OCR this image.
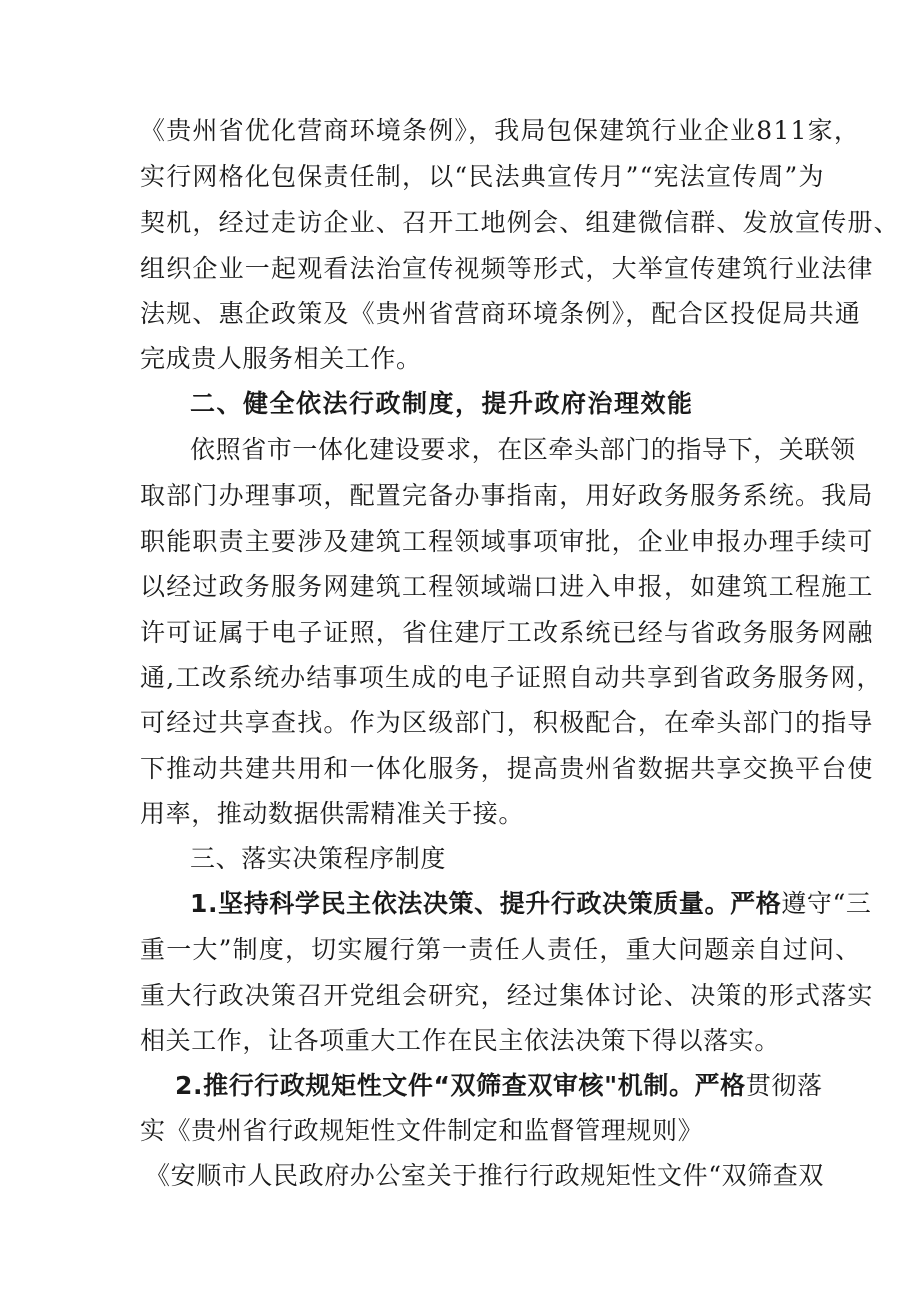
《贵州省优化营商环境条例》，我局包保建筑行业企业811家，
实行网格化包保责任制，以“民法典宣传月”“宪法宣传周”为
契机，经过走访企业、召开工地例会、组建微信群、发放宣传册、
组织企业一起观看法治宣传视频等形式，大举宣传建筑行业法律
法规、惠企政策及《贵州省营商环境条例》，配合区投促局共通
完成贵人服务相关工作。
二、健全依法行政制度，提升政府治理效能
依照省市一体化建设要求，在区牵头部门的指导下，关联领
取部门办理事项，配置完备办事指南，用好政务服务系统。我局
职能职责主要涉及建筑工程领域事项审批，企业申报办理手续可
以经过政务服务网建筑工程领域端口进入申报，如建筑工程施工
许可证属于电子证照，省住建厅工改系统已经与省政务服务网融
通,工改系统办结事项生成的电子证照自动共享到省政务服务网，
可经过共享查找。作为区级部门，积极配合，在牵头部门的指导
下推动共建共用和一体化服务，提高贵州省数据共享交换平台使
用率，推动数据供需精准关于接。
三、落实决策程序制度
1.坚持科学民主依法决策、提升行政决策质量。严格遵守“三
重一大”制度，切实履行第一责任人责任，重大问题亲自过问、
重大行政决策召开党组会研究，经过集体讨论、决策的形式落实
相关工作，让各项重大工作在民主依法决策下得以落实。
2.推行行政规矩性文件“双筛查双审核"机制。严格贯彻落
实《贵州省行政规矩性文件制定和监督管理规则》
《安顺市人民政府办公室关于推行行政规矩性文件“双筛查双
